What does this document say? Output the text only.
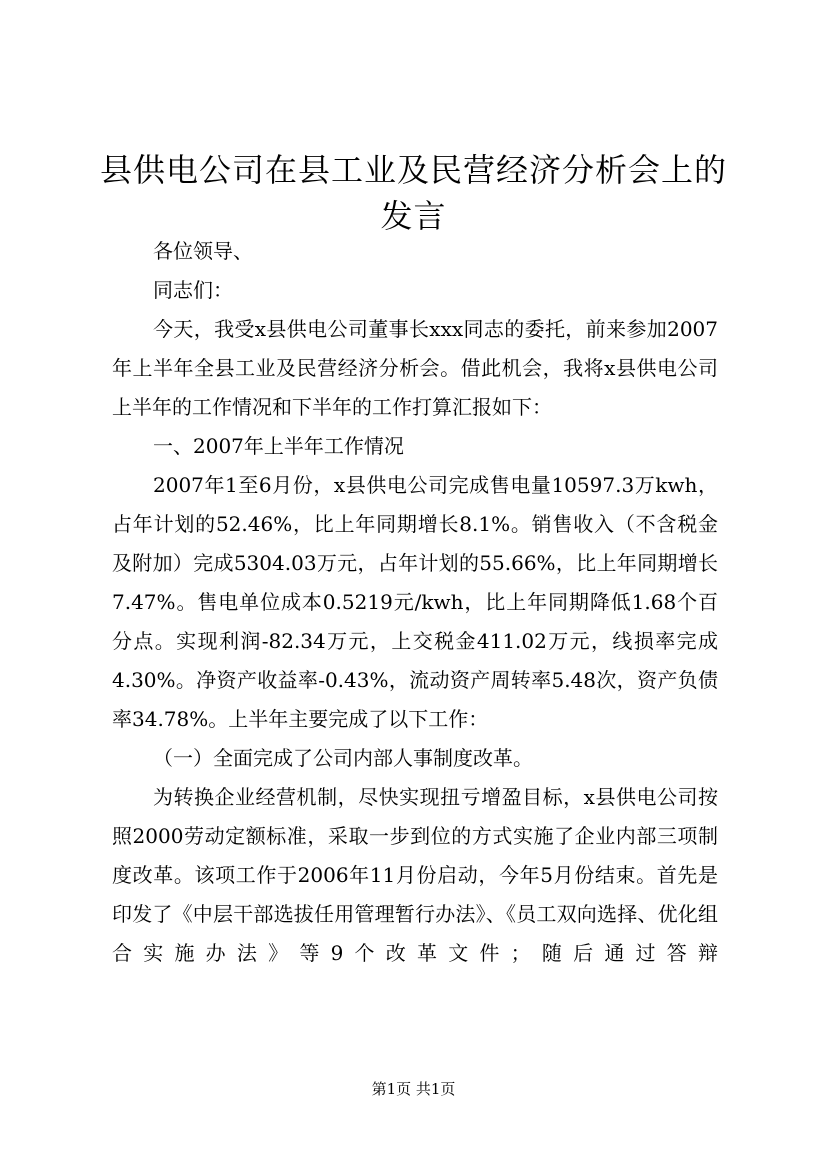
县供电公司在县工业及民营经济分析会上的发言

各位领导、

同志们：

今天，我受x县供电公司董事长xxx同志的委托，前来参加2007年上半年全县工业及民营经济分析会。借此机会，我将x县供电公司上半年的工作情况和下半年的工作打算汇报如下：

一、2007年上半年工作情况

2007年1至6月份，x县供电公司完成售电量10597.3万kwh，占年计划的52.46%，比上年同期增长8.1%。销售收入（不含税金及附加）完成5304.03万元，占年计划的55.66%，比上年同期增长7.47%。售电单位成本0.5219元/kwh，比上年同期降低1.68个百分点。实现利润-82.34万元，上交税金411.02万元，线损率完成4.30%。净资产收益率-0.43%，流动资产周转率5.48次，资产负债率34.78%。上半年主要完成了以下工作：

（一）全面完成了公司内部人事制度改革。

为转换企业经营机制，尽快实现扭亏增盈目标，x县供电公司按照2000劳动定额标准，采取一步到位的方式实施了企业内部三项制度改革。该项工作于2006年11月份启动，今年5月份结束。首先是印发了《中层干部选拔任用管理暂行办法》、《员工双向选择、优化组合实施办法》等9个改革文件；随后通过答辩

第1页 共1页
